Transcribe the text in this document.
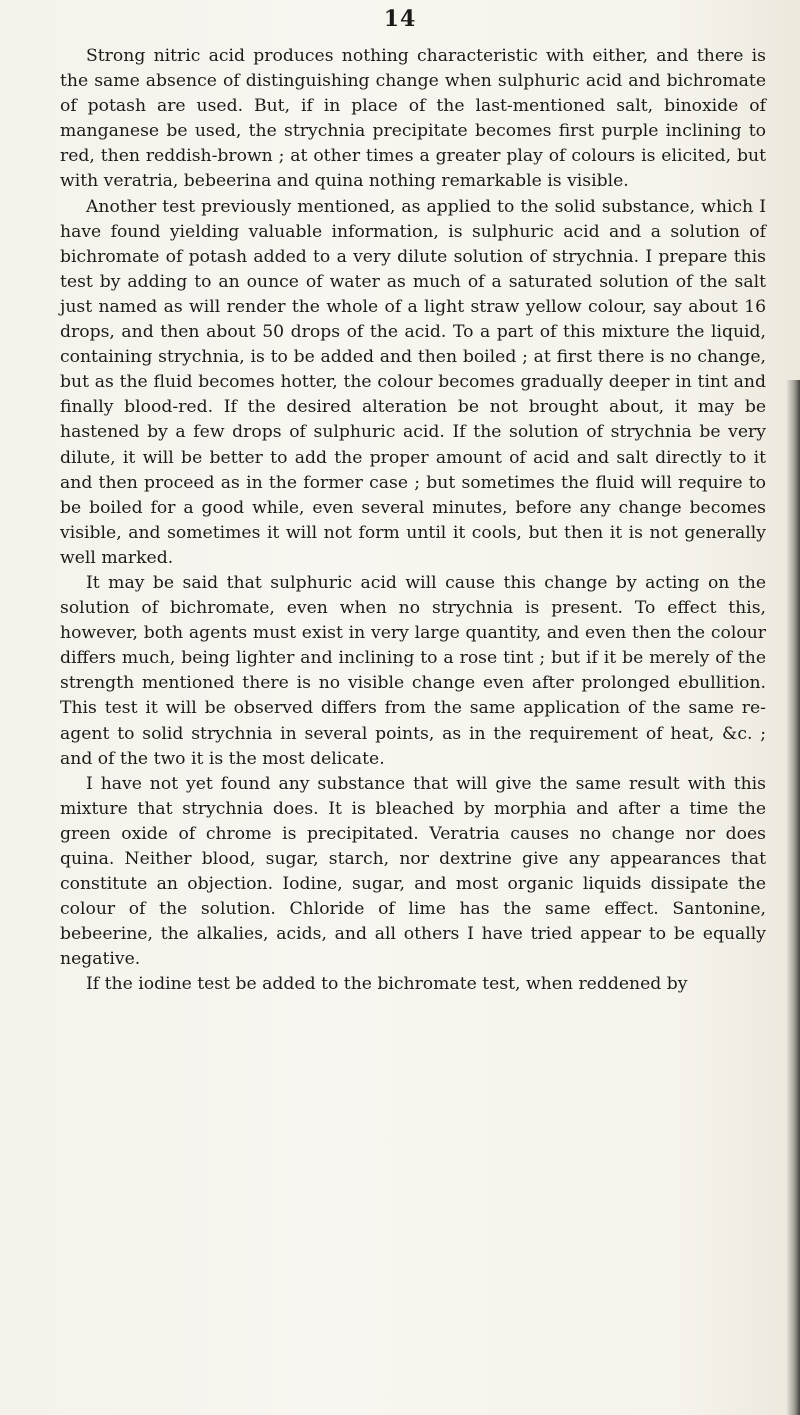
14

Strong nitric acid produces nothing characteristic with either, and there is the same absence of distinguishing change when sulphuric acid and bichromate of potash are used. But, if in place of the last-mentioned salt, binoxide of manganese be used, the strychnia precipitate becomes first purple inclining to red, then reddish-brown ; at other times a greater play of colours is elicited, but with veratria, bebeerina and quina nothing remarkable is visible.

Another test previously mentioned, as applied to the solid substance, which I have found yielding valuable information, is sulphuric acid and a solution of bichromate of potash added to a very dilute solution of strychnia. I prepare this test by adding to an ounce of water as much of a saturated solution of the salt just named as will render the whole of a light straw yellow colour, say about 16 drops, and then about 50 drops of the acid. To a part of this mixture the liquid, containing strychnia, is to be added and then boiled ; at first there is no change, but as the fluid becomes hotter, the colour becomes gradually deeper in tint and finally blood-red. If the desired alteration be not brought about, it may be hastened by a few drops of sulphuric acid. If the solution of strychnia be very dilute, it will be better to add the proper amount of acid and salt directly to it and then proceed as in the former case ; but sometimes the fluid will require to be boiled for a good while, even several minutes, before any change becomes visible, and sometimes it will not form until it cools, but then it is not generally well marked.

It may be said that sulphuric acid will cause this change by acting on the solution of bichromate, even when no strychnia is present. To effect this, however, both agents must exist in very large quantity, and even then the colour differs much, being lighter and inclining to a rose tint ; but if it be merely of the strength mentioned there is no visible change even after prolonged ebullition. This test it will be observed differs from the same application of the same re-agent to solid strychnia in several points, as in the requirement of heat, &c. ; and of the two it is the most delicate.

I have not yet found any substance that will give the same result with this mixture that strychnia does. It is bleached by morphia and after a time the green oxide of chrome is precipitated. Veratria causes no change nor does quina. Neither blood, sugar, starch, nor dextrine give any appearances that constitute an objection. Iodine, sugar, and most organic liquids dissipate the colour of the solution. Chloride of lime has the same effect. Santonine, bebeerine, the alkalies, acids, and all others I have tried appear to be equally negative.

If the iodine test be added to the bichromate test, when reddened by
